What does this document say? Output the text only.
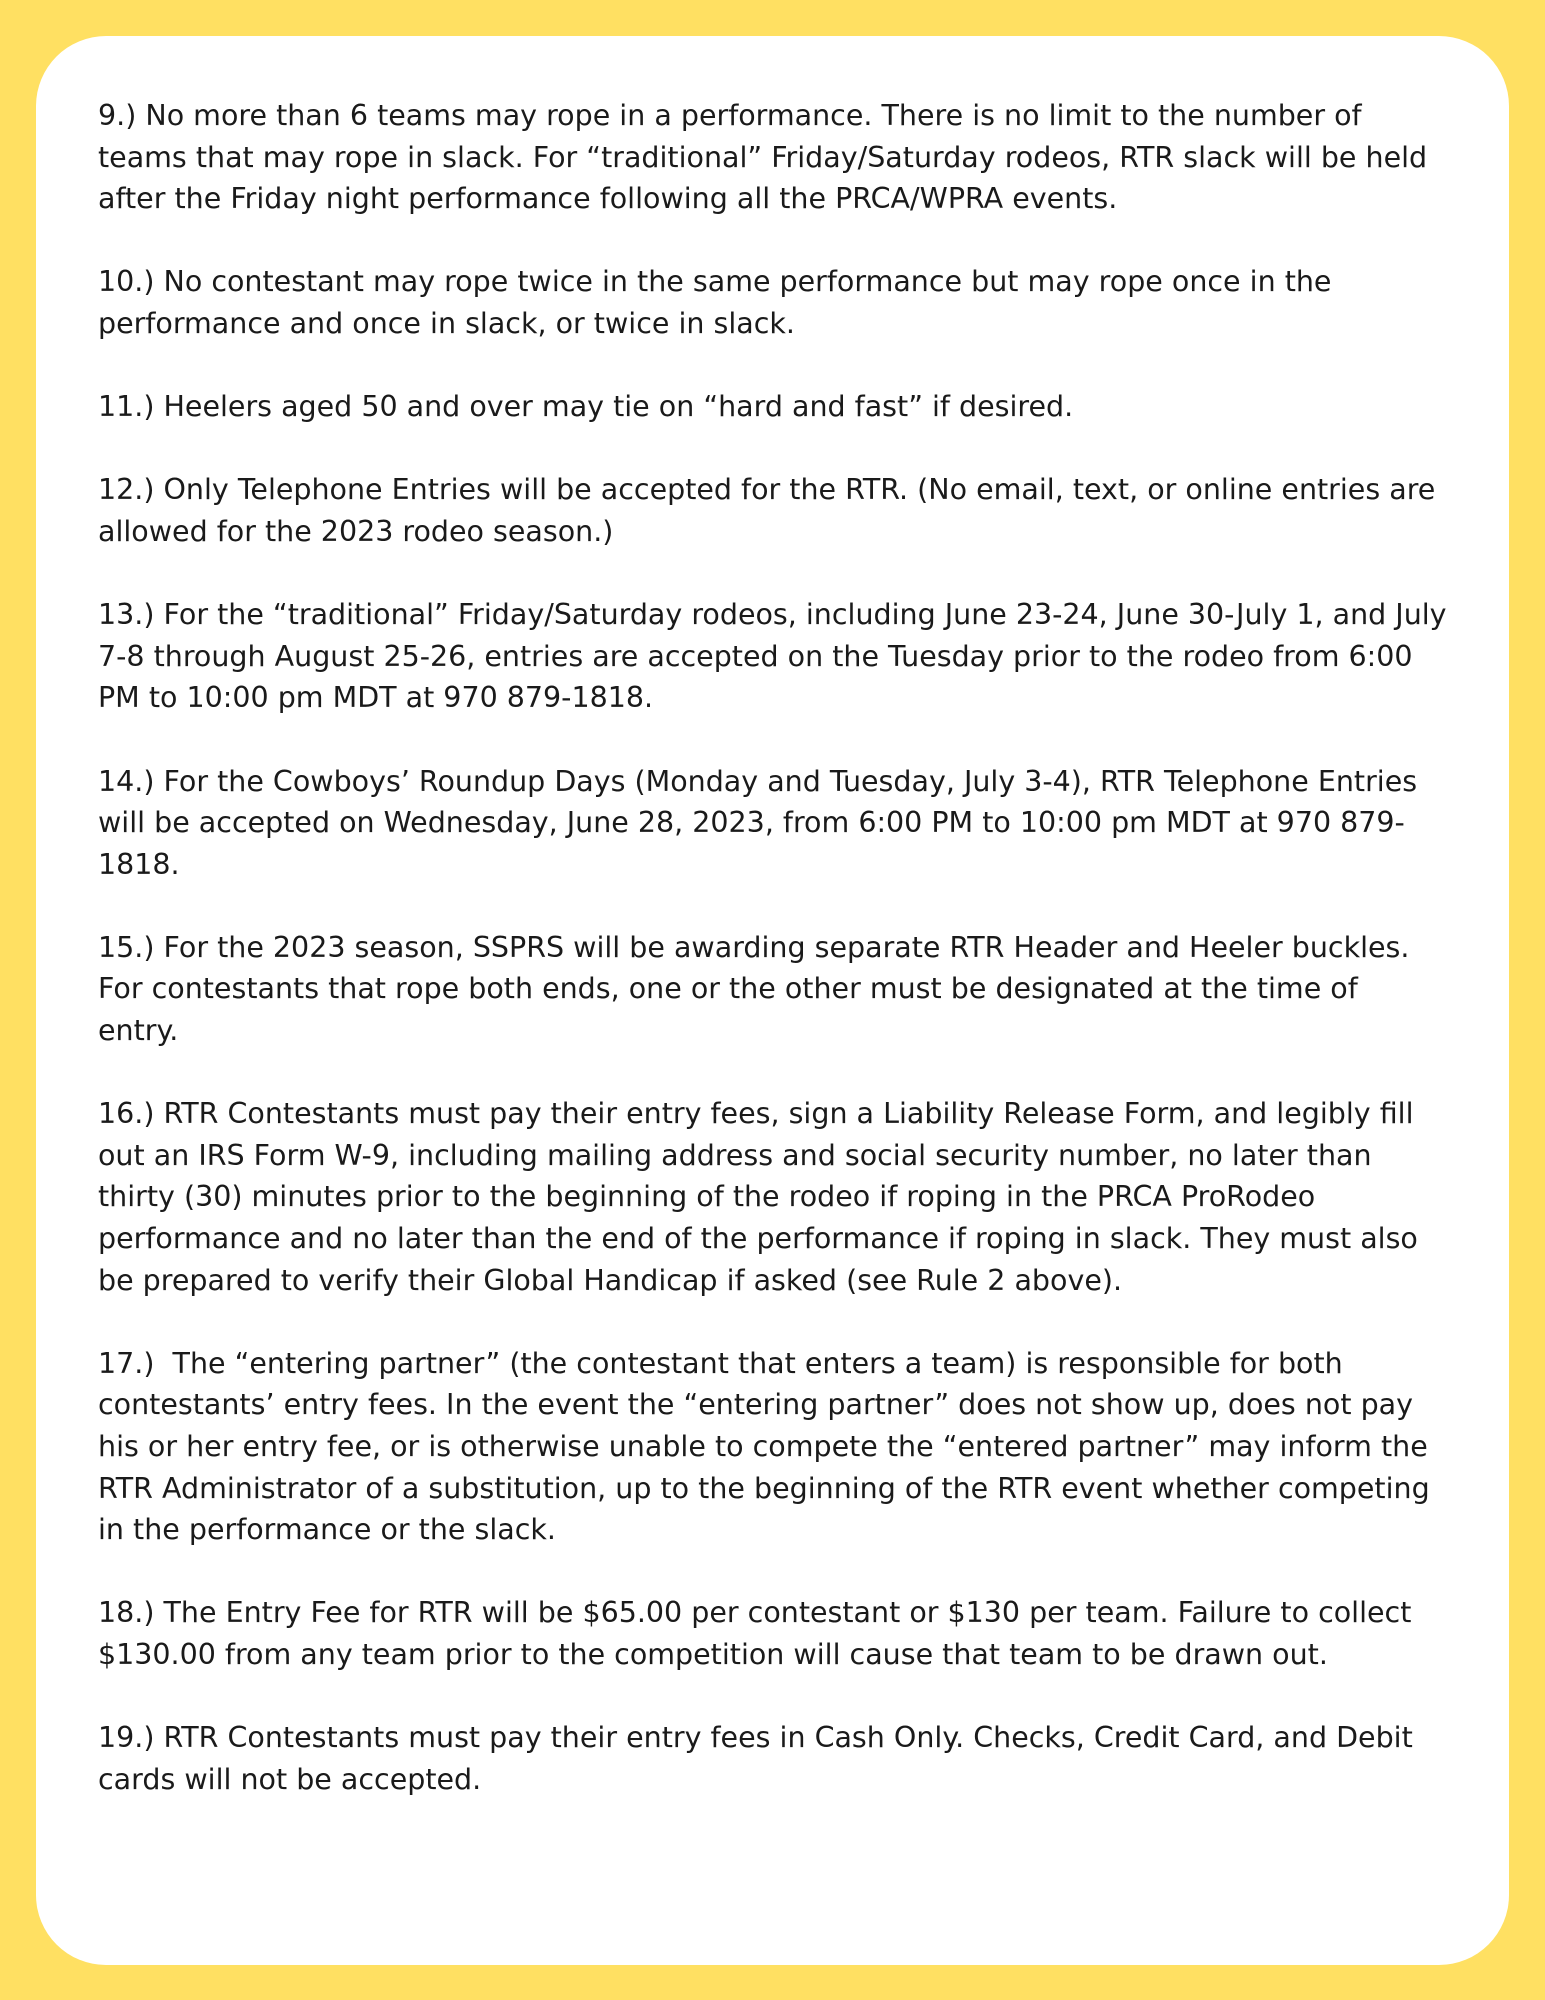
9.) No more than 6 teams may rope in a performance. There is no limit to the number of teams that may rope in slack. For “traditional” Friday/Saturday rodeos, RTR slack will be held after the Friday night performance following all the PRCA/WPRA events.
10.) No contestant may rope twice in the same performance but may rope once in the performance and once in slack, or twice in slack.
11.) Heelers aged 50 and over may tie on “hard and fast” if desired.
12.) Only Telephone Entries will be accepted for the RTR. (No email, text, or online entries are allowed for the 2023 rodeo season.)
13.) For the “traditional” Friday/Saturday rodeos, including June 23-24, June 30-July 1, and July 7-8 through August 25-26, entries are accepted on the Tuesday prior to the rodeo from 6:00 PM to 10:00 pm MDT at 970 879-1818.
14.) For the Cowboys’ Roundup Days (Monday and Tuesday, July 3-4), RTR Telephone Entries will be accepted on Wednesday, June 28, 2023, from 6:00 PM to 10:00 pm MDT at 970 879-1818.
15.) For the 2023 season, SSPRS will be awarding separate RTR Header and Heeler buckles. For contestants that rope both ends, one or the other must be designated at the time of entry.
16.) RTR Contestants must pay their entry fees, sign a Liability Release Form, and legibly fill out an IRS Form W-9, including mailing address and social security number, no later than thirty (30) minutes prior to the beginning of the rodeo if roping in the PRCA ProRodeo performance and no later than the end of the performance if roping in slack. They must also be prepared to verify their Global Handicap if asked (see Rule 2 above).
17.)  The “entering partner” (the contestant that enters a team) is responsible for both contestants’ entry fees. In the event the “entering partner” does not show up, does not pay his or her entry fee, or is otherwise unable to compete the “entered partner” may inform the RTR Administrator of a substitution, up to the beginning of the RTR event whether competing in the performance or the slack.
18.) The Entry Fee for RTR will be $65.00 per contestant or $130 per team. Failure to collect $130.00 from any team prior to the competition will cause that team to be drawn out.
19.) RTR Contestants must pay their entry fees in Cash Only. Checks, Credit Card, and Debit cards will not be accepted.
